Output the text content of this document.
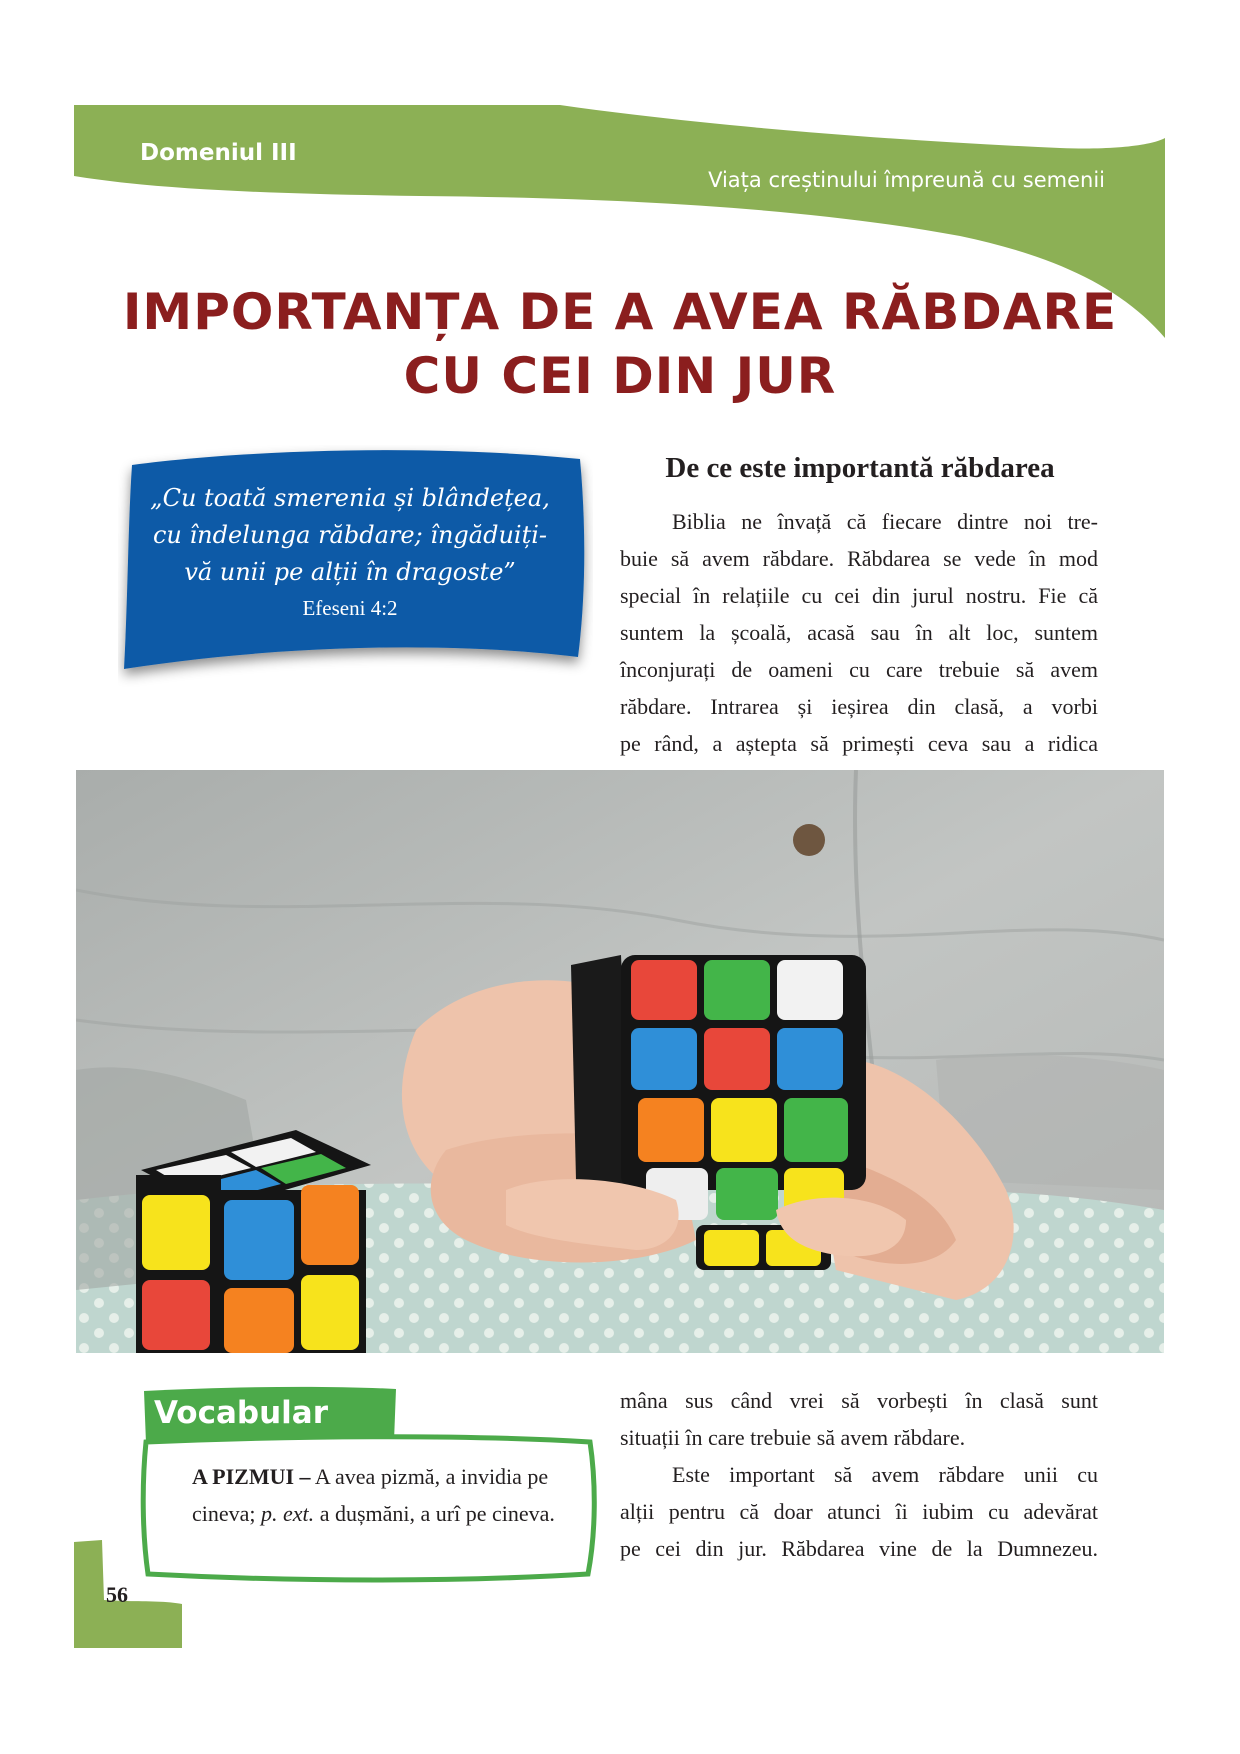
Domeniul III
Viața creștinului împreună cu semenii
IMPORTANȚA DE A AVEA RĂBDARE
CU CEI DIN JUR
„Cu toată smerenia și blândețea, cu îndelunga răbdare; îngăduiți-vă unii pe alții în dragoste”
Efeseni 4:2
De ce este importantă răbdarea
Biblia ne învață că fiecare dintre noi tre-
buie să avem răbdare. Răbdarea se vede în mod
special în relațiile cu cei din jurul nostru. Fie că
suntem la școală, acasă sau în alt loc, suntem
înconjurați de oameni cu care trebuie să avem
răbdare. Intrarea și ieșirea din clasă, a vorbi
pe rând, a aștepta să primești ceva sau a ridica
Vocabular
A PIZMUI – A avea pizmă, a invidia pe cineva; p. ext. a dușmăni, a urî pe cineva.
mâna sus când vrei să vorbești în clasă sunt
situații în care trebuie să avem răbdare.
Este important să avem răbdare unii cu
alții pentru că doar atunci îi iubim cu adevărat
pe cei din jur. Răbdarea vine de la Dumnezeu.
56
